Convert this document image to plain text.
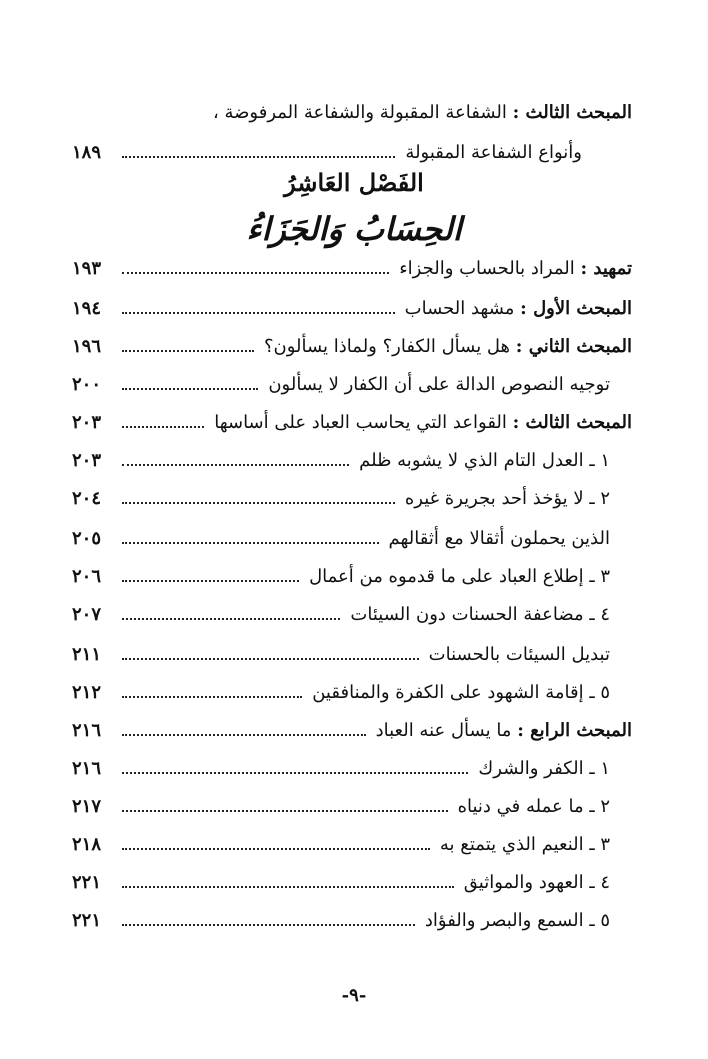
المبحث الثالث : الشفاعة المقبولة والشفاعة المرفوضة ،
وأنواع الشفاعة المقبولة
١٨٩
الفَصْل العَاشِرُ
الحِسَابُ وَالجَزَاءُ
تمهيد : المراد بالحساب والجزاء
١٩٣
المبحث الأول : مشهد الحساب
١٩٤
المبحث الثاني : هل يسأل الكفار؟ ولماذا يسألون؟
١٩٦
توجيه النصوص الدالة على أن الكفار لا يسألون
٢٠٠
المبحث الثالث : القواعد التي يحاسب العباد على أساسها
٢٠٣
١ ـ العدل التام الذي لا يشوبه ظلم
٢٠٣
٢ ـ لا يؤخذ أحد بجريرة غيره
٢٠٤
الذين يحملون أثقالا مع أثقالهم
٢٠٥
٣ ـ إطلاع العباد على ما قدموه من أعمال
٢٠٦
٤ ـ مضاعفة الحسنات دون السيئات
٢٠٧
تبديل السيئات بالحسنات
٢١١
٥ ـ إقامة الشهود على الكفرة والمنافقين
٢١٢
المبحث الرابع : ما يسأل عنه العباد
٢١٦
١ ـ الكفر والشرك
٢١٦
٢ ـ ما عمله في دنياه
٢١٧
٣ ـ النعيم الذي يتمتع به
٢١٨
٤ ـ العهود والمواثيق
٢٢١
٥ ـ السمع والبصر والفؤاد
٢٢١
-٩-
